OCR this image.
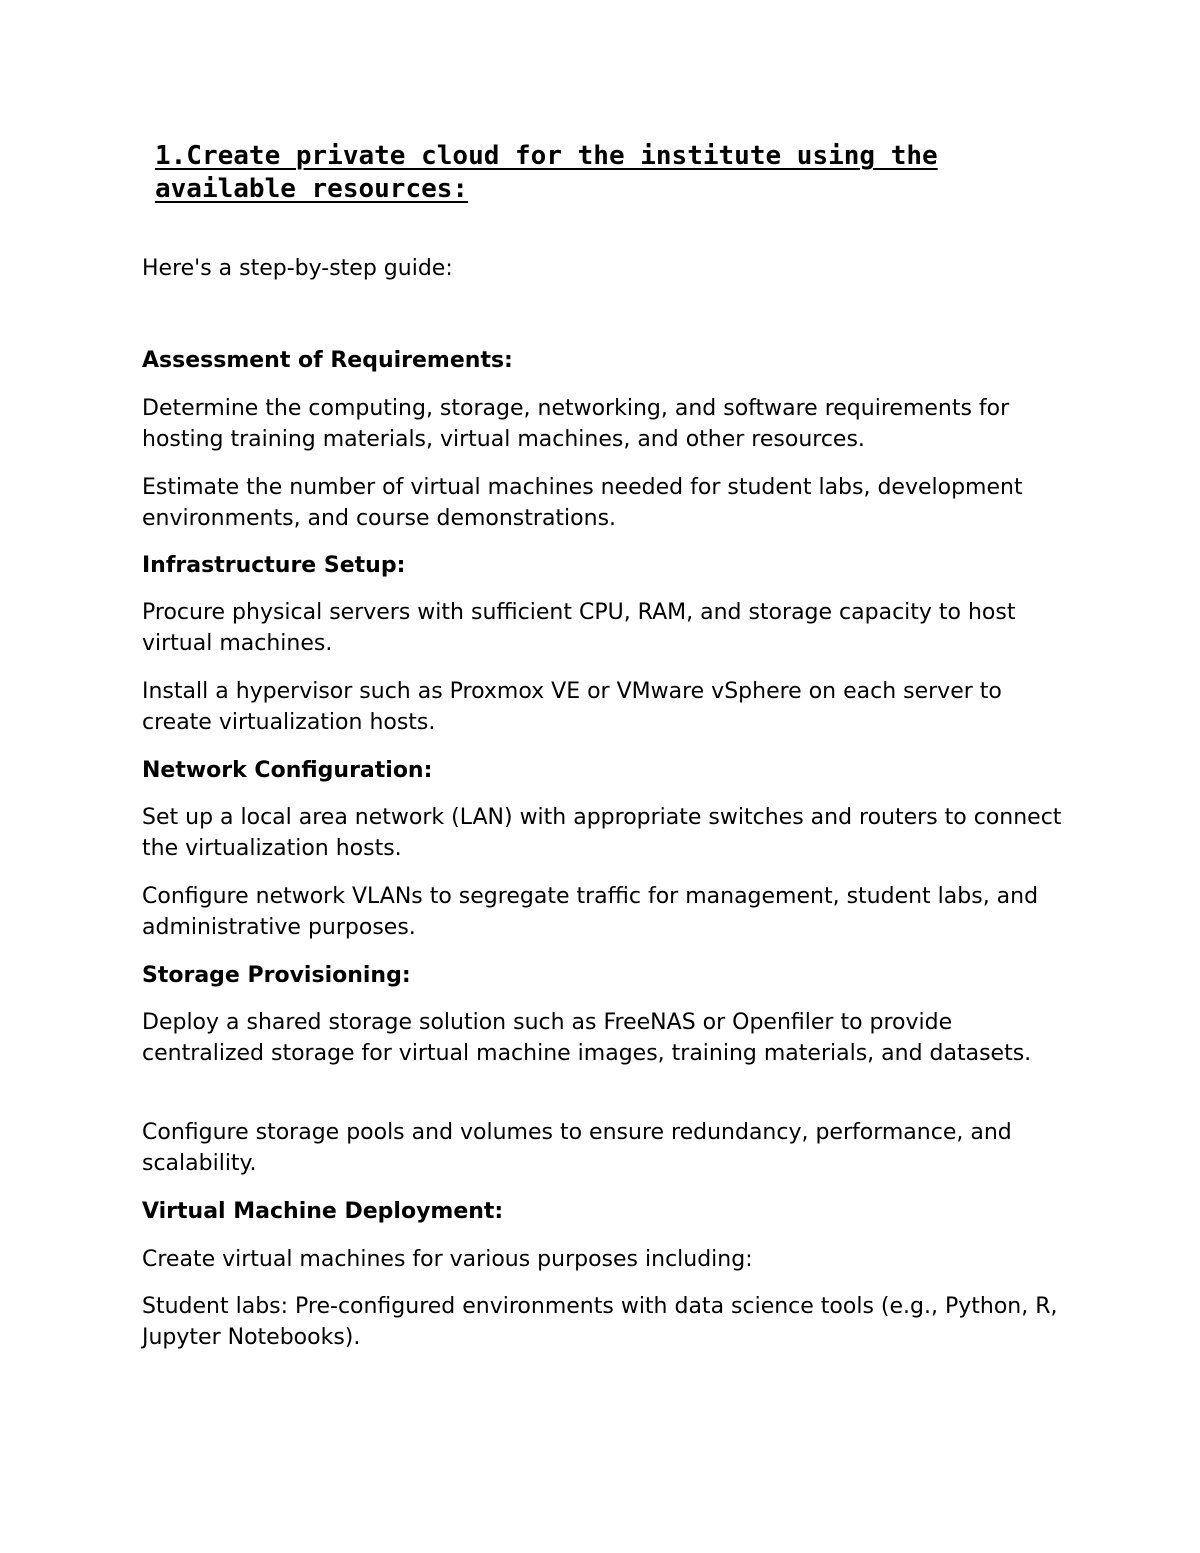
1.Create private cloud for the institute using the
available resources:

Here's a step-by-step guide:

Assessment of Requirements:

Determine the computing, storage, networking, and software requirements for hosting training materials, virtual machines, and other resources.

Estimate the number of virtual machines needed for student labs, development environments, and course demonstrations.

Infrastructure Setup:

Procure physical servers with sufficient CPU, RAM, and storage capacity to host virtual machines.

Install a hypervisor such as Proxmox VE or VMware vSphere on each server to create virtualization hosts.

Network Configuration:

Set up a local area network (LAN) with appropriate switches and routers to connect the virtualization hosts.

Configure network VLANs to segregate traffic for management, student labs, and administrative purposes.

Storage Provisioning:

Deploy a shared storage solution such as FreeNAS or Openfiler to provide centralized storage for virtual machine images, training materials, and datasets.

Configure storage pools and volumes to ensure redundancy, performance, and scalability.

Virtual Machine Deployment:

Create virtual machines for various purposes including:

Student labs: Pre-configured environments with data science tools (e.g., Python, R, Jupyter Notebooks).
